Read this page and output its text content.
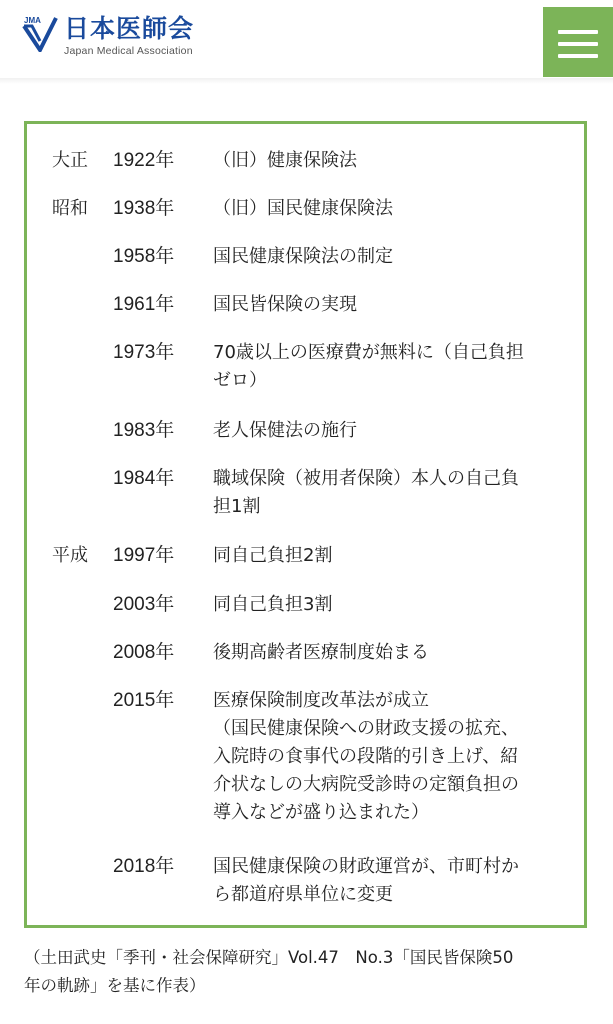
JMA 日本医師会
Japan Medical Association
大正 1922年 （旧）健康保険法
昭和 1938年 （旧）国民健康保険法
1958年 国民健康保険法の制定
1961年 国民皆保険の実現
1973年 70歳以上の医療費が無料に（自己負担
ゼロ）
1983年 老人保健法の施行
1984年 職域保険（被用者保険）本人の自己負
担1割
平成 1997年 同自己負担2割
2003年 同自己負担3割
2008年 後期高齢者医療制度始まる
2015年 医療保険制度改革法が成立
（国民健康保険への財政支援の拡充、
入院時の食事代の段階的引き上げ、紹
介状なしの大病院受診時の定額負担の
導入などが盛り込まれた）
2018年 国民健康保険の財政運営が、市町村か
ら都道府県単位に変更

（土田武史「季刊・社会保障研究」Vol.47　No.3「国民皆保険50
年の軌跡」を基に作表）
